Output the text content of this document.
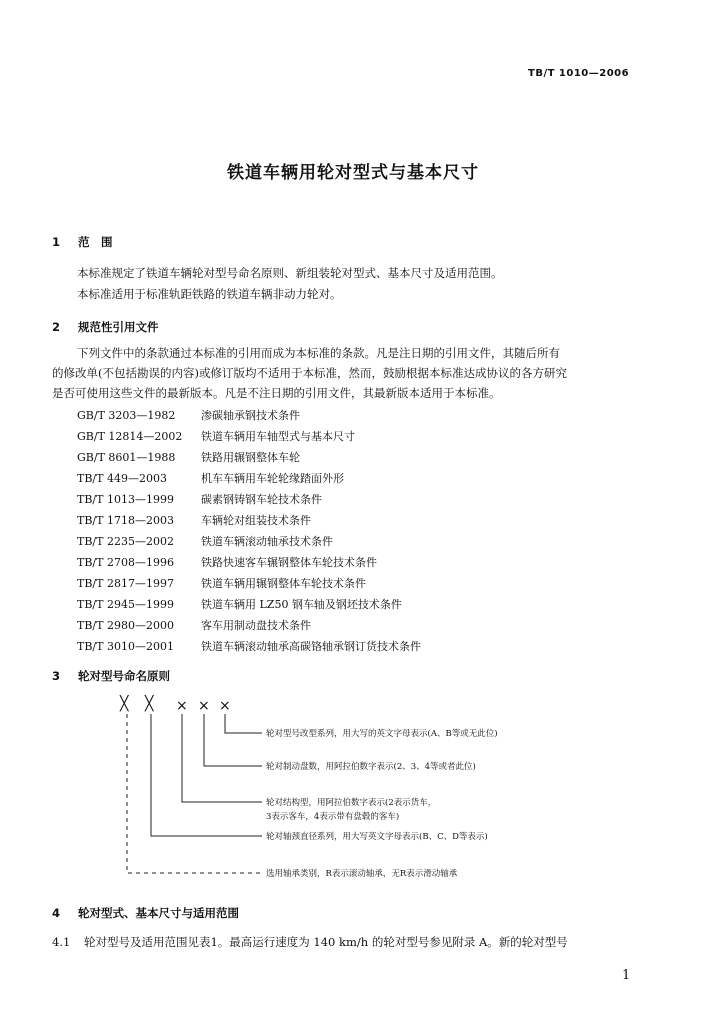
TB/T 1010—2006
铁道车辆用轮对型式与基本尺寸
1 范　围
本标准规定了铁道车辆轮对型号命名原则、新组装轮对型式、基本尺寸及适用范围。
本标准适用于标准轨距铁路的铁道车辆非动力轮对。
2 规范性引用文件
下列文件中的条款通过本标准的引用而成为本标准的条款。凡是注日期的引用文件，其随后所有
的修改单(不包括勘误的内容)或修订版均不适用于本标准，然而，鼓励根据本标准达成协议的各方研究
是否可使用这些文件的最新版本。凡是不注日期的引用文件，其最新版本适用于本标准。
GB/T 3203—1982 渗碳轴承钢技术条件
GB/T 12814—2002 铁道车辆用车轴型式与基本尺寸
GB/T 8601—1988 铁路用辗钢整体车轮
TB/T 449—2003	机车车辆用车轮轮缘踏面外形
TB/T 1013—1999 碳素钢铸钢车轮技术条件
TB/T 1718—2003 车辆轮对组装技术条件
TB/T 2235—2002 铁道车辆滚动轴承技术条件
TB/T 2708—1996 铁路快速客车辗钢整体车轮技术条件
TB/T 2817—1997 铁道车辆用辗钢整体车轮技术条件
TB/T 2945—1999 铁道车辆用 LZ50 钢车轴及钢坯技术条件
TB/T 2980—2000 客车用制动盘技术条件
TB/T 3010—2001 铁道车辆滚动轴承高碳铬轴承钢订货技术条件
3 轮对型号命名原则
╳ ╳ × × ×
轮对型号改型系列，用大写的英文字母表示(A、B等或无此位)
轮对制动盘数，用阿拉伯数字表示(2、3、4等或者此位)
轮对结构型，用阿拉伯数字表示(2表示货车，
3表示客车，4表示带有盘毂的客车)
轮对轴颈直径系列，用大写英文字母表示(B、C、D等表示)
选用轴承类别，R表示滚动轴承，无R表示滑动轴承
4 轮对型式、基本尺寸与适用范围
4.1 轮对型号及适用范围见表1。最高运行速度为 140 km/h 的轮对型号参见附录 A。新的轮对型号
1
